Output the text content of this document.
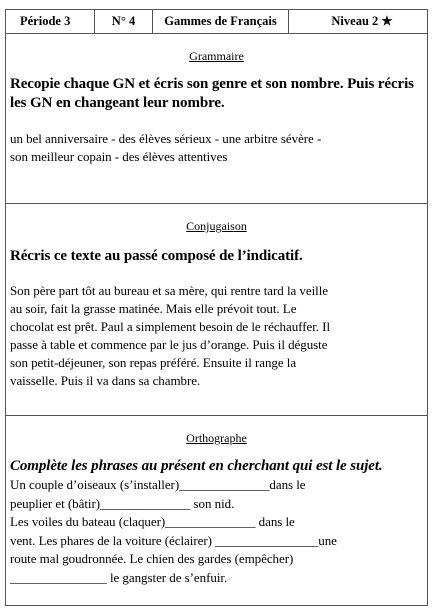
Période 3	N° 4	Gammes de Français	Niveau 2 ★
Grammaire
Recopie chaque GN et écris son genre et son nombre. Puis récris les GN en changeant leur nombre.
un bel anniversaire - des élèves sérieux - une arbitre sévère -
son meilleur copain - des élèves attentives
Conjugaison
Récris ce texte au passé composé de l’indicatif.
Son père part tôt au bureau et sa mère, qui rentre tard la veille
au soir, fait la grasse matinée. Mais elle prévoit tout. Le
chocolat est prêt. Paul a simplement besoin de le réchauffer. Il
passe à table et commence par le jus d’orange. Puis il déguste
son petit-déjeuner, son repas préféré. Ensuite il range la
vaisselle. Puis il va dans sa chambre.
Orthographe
Complète les phrases au présent en cherchant qui est le sujet.
Un couple d’oiseaux (s’installer)______________dans le
peuplier et (bâtir)______________ son nid.
Les voiles du bateau (claquer)______________ dans le
vent. Les phares de la voiture (éclairer) ________________une
route mal goudronnée. Le chien des gardes (empêcher)
_______________ le gangster de s’enfuir.
